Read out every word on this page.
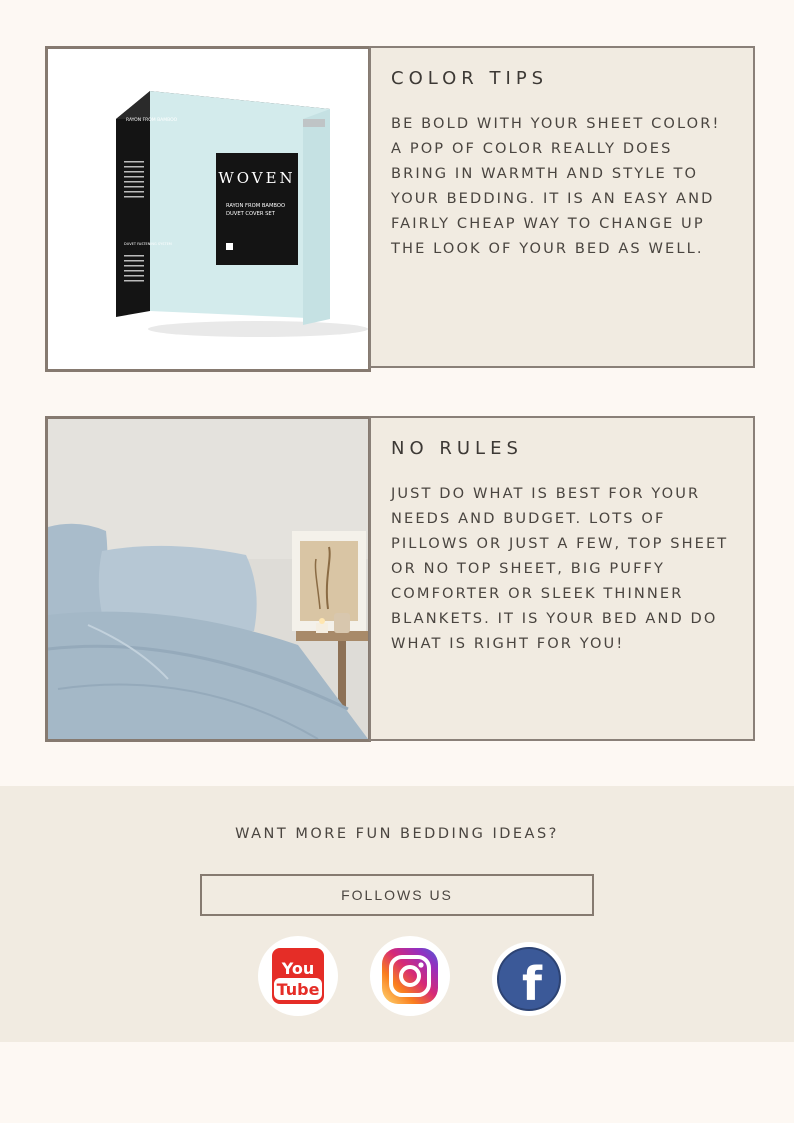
WOVEN
RAYON FROM BAMBOO
DUVET COVER SET
RAYON FROM BAMBOO
DUVET FASTENING SYSTEM
COLOR TIPS

BE BOLD WITH YOUR SHEET COLOR! A POP OF COLOR REALLY DOES BRING IN WARMTH AND STYLE TO YOUR BEDDING. IT IS AN EASY AND FAIRLY CHEAP WAY TO CHANGE UP THE LOOK OF YOUR BED AS WELL.

NO RULES

JUST DO WHAT IS BEST FOR YOUR NEEDS AND BUDGET. LOTS OF PILLOWS OR JUST A FEW, TOP SHEET OR NO TOP SHEET, BIG PUFFY COMFORTER OR SLEEK THINNER BLANKETS. IT IS YOUR BED AND DO WHAT IS RIGHT FOR YOU!

WANT MORE FUN BEDDING IDEAS?
FOLLOWS US
You
Tube	f
